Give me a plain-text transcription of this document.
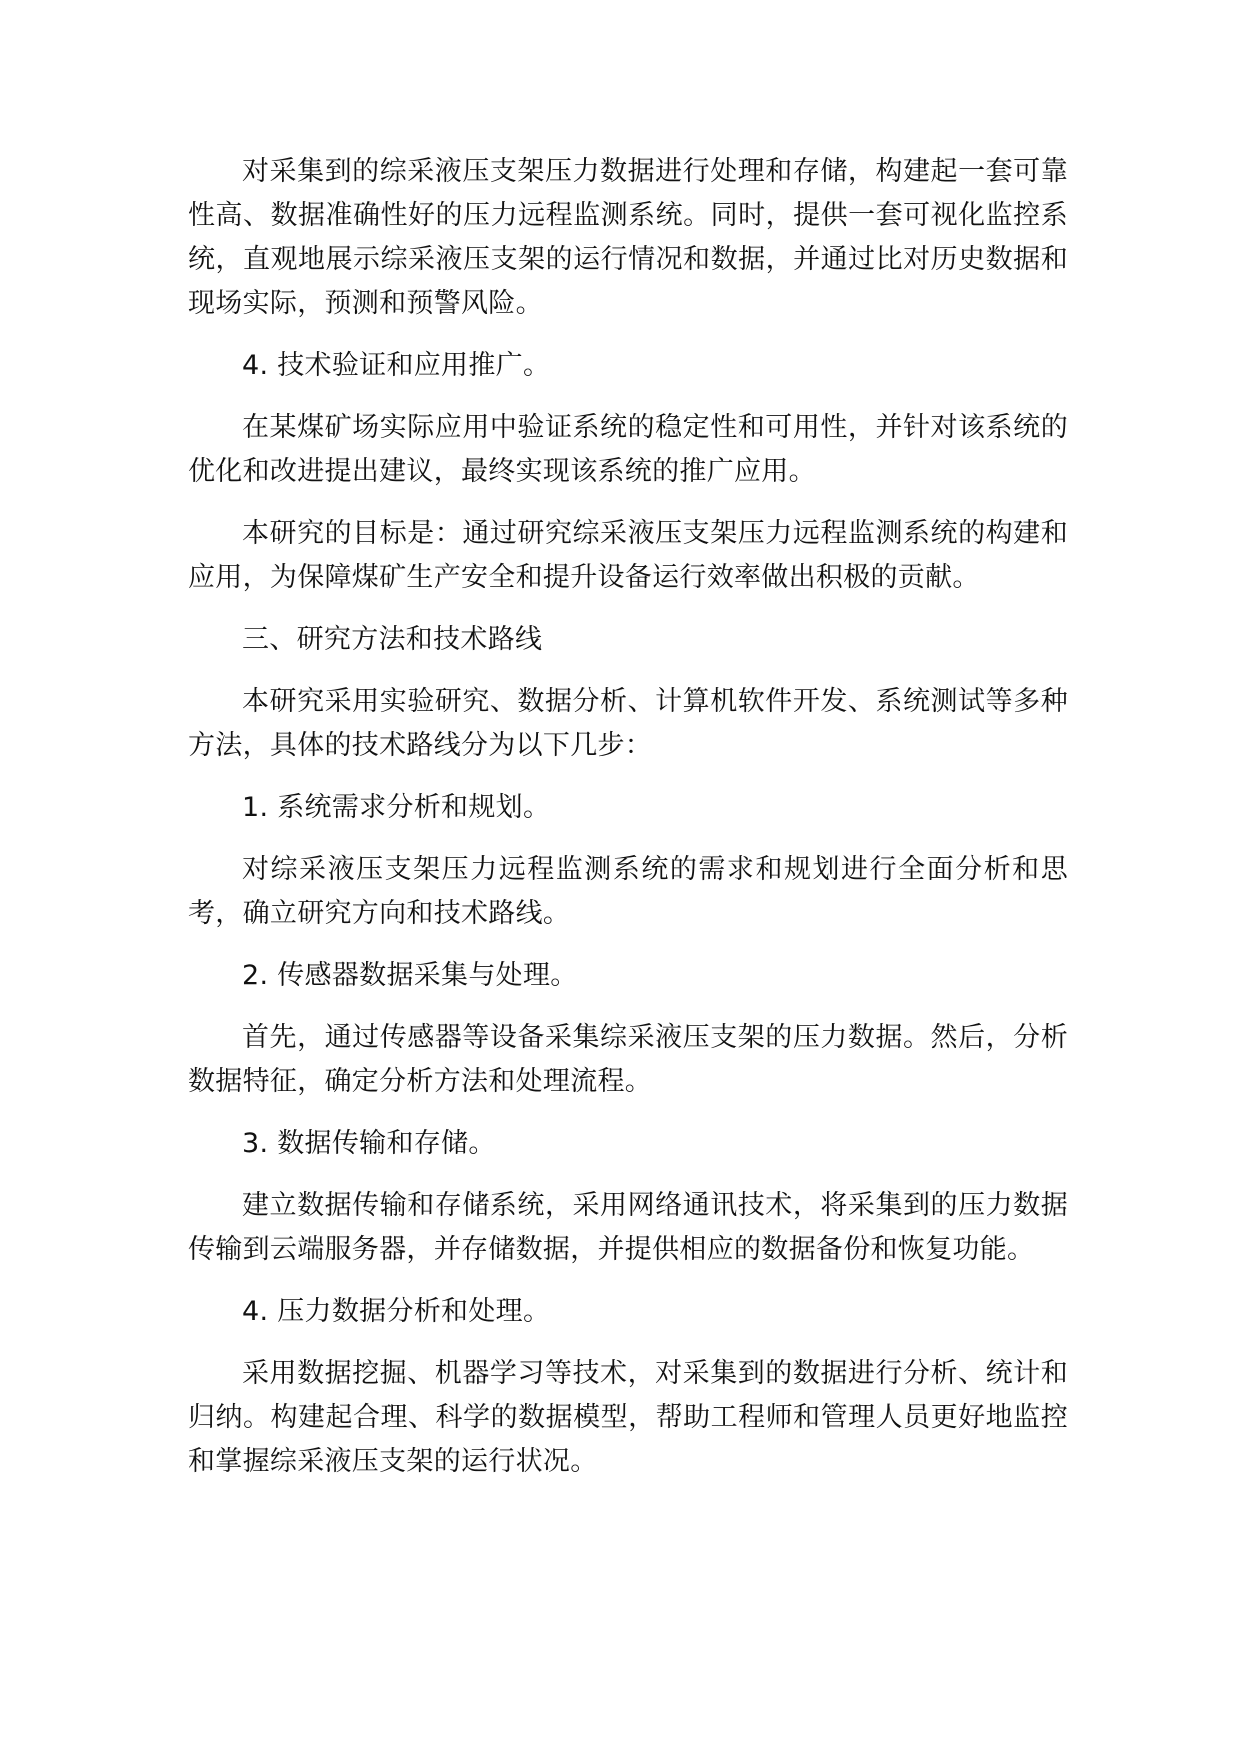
对采集到的综采液压支架压力数据进行处理和存储，构建起一套可靠性高、数据准确性好的压力远程监测系统。同时，提供一套可视化监控系统，直观地展示综采液压支架的运行情况和数据，并通过比对历史数据和现场实际，预测和预警风险。

4. 技术验证和应用推广。

在某煤矿场实际应用中验证系统的稳定性和可用性，并针对该系统的优化和改进提出建议，最终实现该系统的推广应用。

本研究的目标是：通过研究综采液压支架压力远程监测系统的构建和应用，为保障煤矿生产安全和提升设备运行效率做出积极的贡献。

三、研究方法和技术路线

本研究采用实验研究、数据分析、计算机软件开发、系统测试等多种方法，具体的技术路线分为以下几步：

1. 系统需求分析和规划。

对综采液压支架压力远程监测系统的需求和规划进行全面分析和思考，确立研究方向和技术路线。

2. 传感器数据采集与处理。

首先，通过传感器等设备采集综采液压支架的压力数据。然后，分析数据特征，确定分析方法和处理流程。

3. 数据传输和存储。

建立数据传输和存储系统，采用网络通讯技术，将采集到的压力数据传输到云端服务器，并存储数据，并提供相应的数据备份和恢复功能。

4. 压力数据分析和处理。

采用数据挖掘、机器学习等技术，对采集到的数据进行分析、统计和归纳。构建起合理、科学的数据模型，帮助工程师和管理人员更好地监控和掌握综采液压支架的运行状况。
